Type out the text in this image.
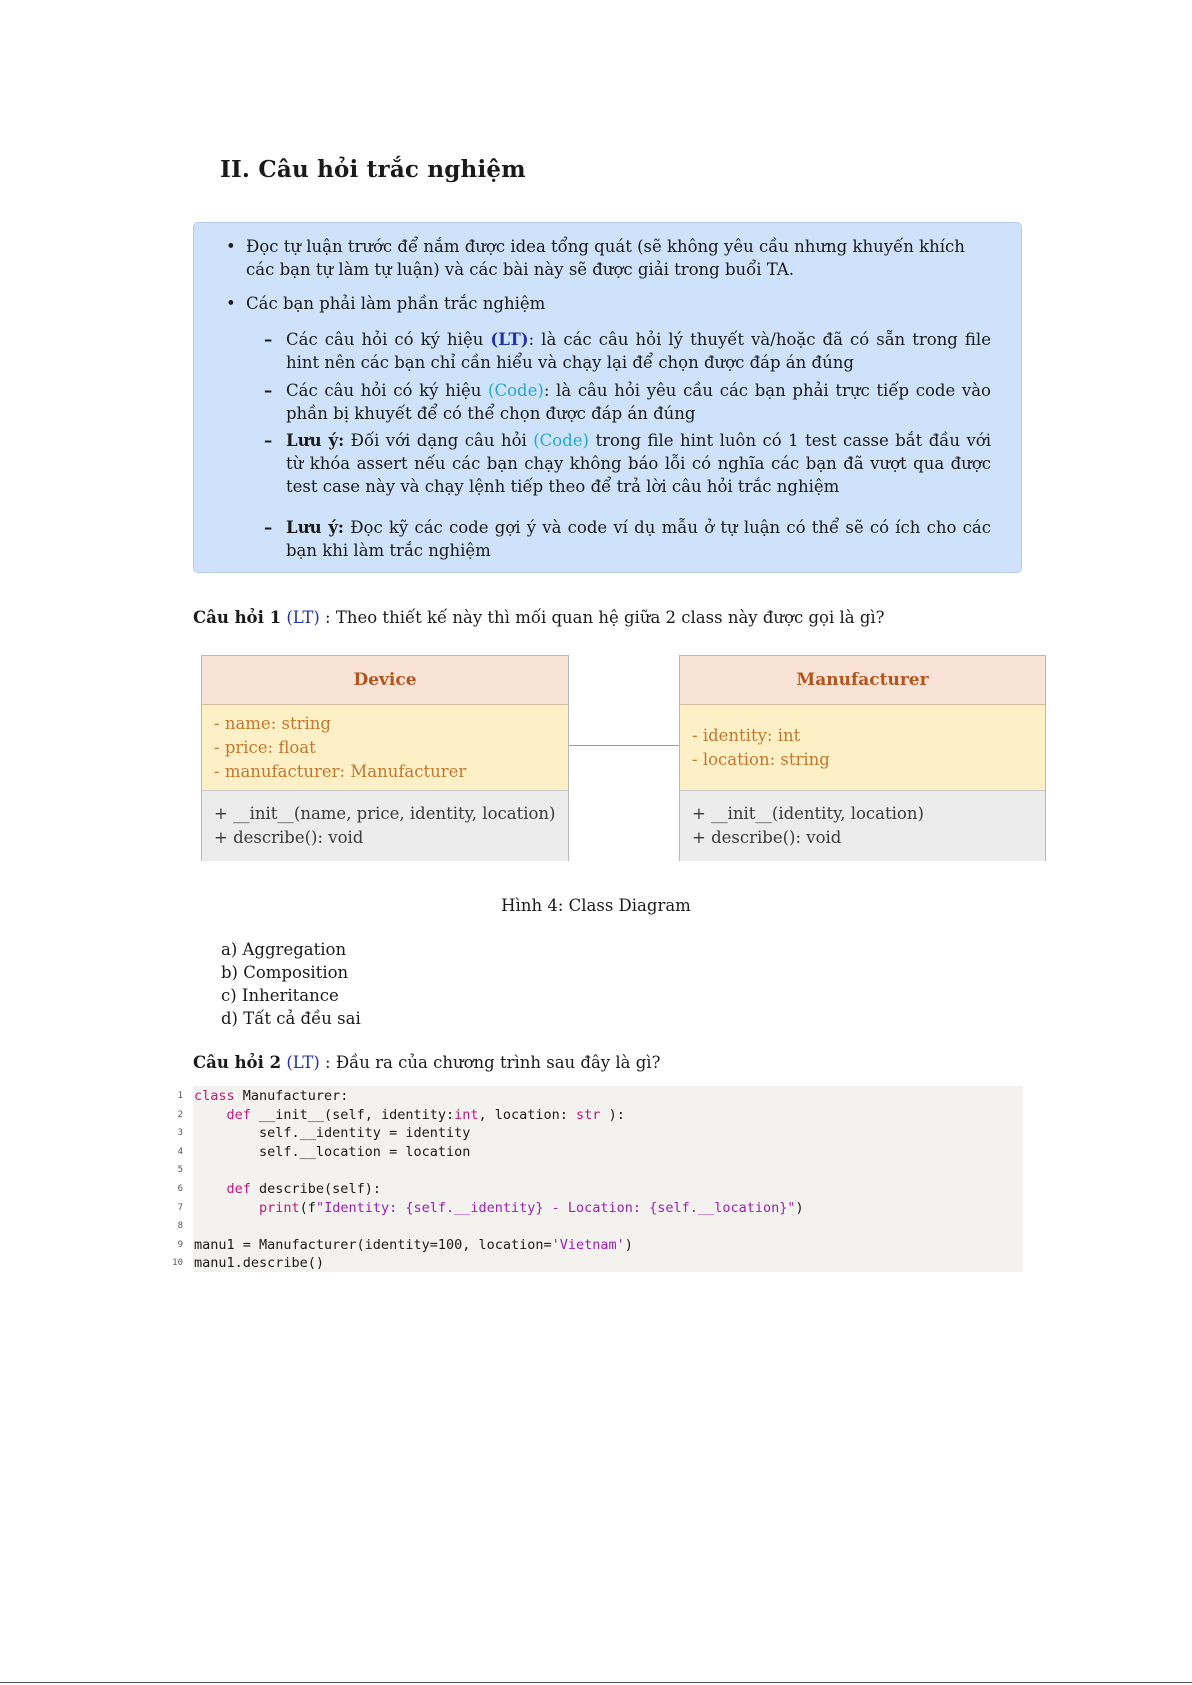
II. Câu hỏi trắc nghiệm
• Đọc tự luận trước để nắm được idea tổng quát (sẽ không yêu cầu nhưng khuyến khích các bạn tự làm tự luận) và các bài này sẽ được giải trong buổi TA.
• Các bạn phải làm phần trắc nghiệm
– Các câu hỏi có ký hiệu (LT): là các câu hỏi lý thuyết và/hoặc đã có sẵn trong file hint nên các bạn chỉ cần hiểu và chạy lại để chọn được đáp án đúng
– Các câu hỏi có ký hiệu (Code): là câu hỏi yêu cầu các bạn phải trực tiếp code vào phần bị khuyết để có thể chọn được đáp án đúng
– Lưu ý: Đối với dạng câu hỏi (Code) trong file hint luôn có 1 test casse bắt đầu với từ khóa assert nếu các bạn chạy không báo lỗi có nghĩa các bạn đã vượt qua được test case này và chạy lệnh tiếp theo để trả lời câu hỏi trắc nghiệm
– Lưu ý: Đọc kỹ các code gợi ý và code ví dụ mẫu ở tự luận có thể sẽ có ích cho các bạn khi làm trắc nghiệm
Câu hỏi 1 (LT) : Theo thiết kế này thì mối quan hệ giữa 2 class này được gọi là gì?
Device
- name: string
- price: float
- manufacturer: Manufacturer
+ __init__(name, price, identity, location)
+ describe(): void
Manufacturer
- identity: int
- location: string
+ __init__(identity, location)
+ describe(): void
Hình 4: Class Diagram
a) Aggregation
b) Composition
c) Inheritance
d) Tất cả đều sai
Câu hỏi 2 (LT) : Đầu ra của chương trình sau đây là gì?
1 class Manufacturer:
2	def __init__(self, identity:int, location: str ):
3 self.__identity = identity
4 self.__location = location
5
6	def describe(self):
7	print(f"Identity: {self.__identity} - Location: {self.__location}")
8
9 manu1 = Manufacturer(identity=100, location='Vietnam')
10 manu1.describe()
